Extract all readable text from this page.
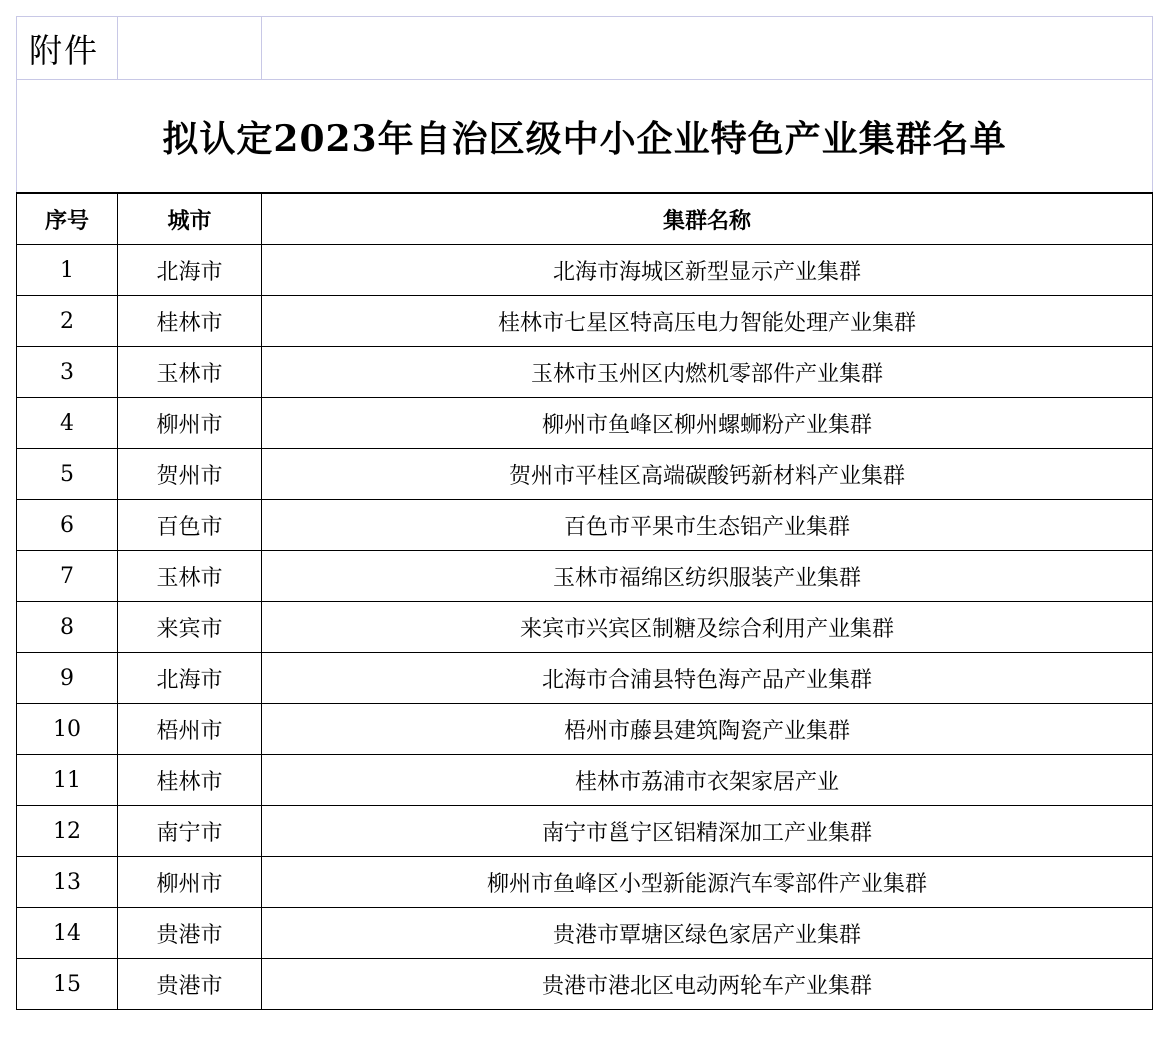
附件		
拟认定2023年自治区级中小企业特色产业集群名单		
序号	城市	集群名称
1	北海市	北海市海城区新型显示产业集群
2	桂林市	桂林市七星区特高压电力智能处理产业集群
3	玉林市	玉林市玉州区内燃机零部件产业集群
4	柳州市	柳州市鱼峰区柳州螺蛳粉产业集群
5	贺州市	贺州市平桂区高端碳酸钙新材料产业集群
6	百色市	百色市平果市生态铝产业集群
7	玉林市	玉林市福绵区纺织服装产业集群
8	来宾市	来宾市兴宾区制糖及综合利用产业集群
9	北海市	北海市合浦县特色海产品产业集群
10	梧州市	梧州市藤县建筑陶瓷产业集群
11	桂林市	桂林市荔浦市衣架家居产业
12	南宁市	南宁市邕宁区铝精深加工产业集群
13	柳州市	柳州市鱼峰区小型新能源汽车零部件产业集群
14	贵港市	贵港市覃塘区绿色家居产业集群
15	贵港市	贵港市港北区电动两轮车产业集群
